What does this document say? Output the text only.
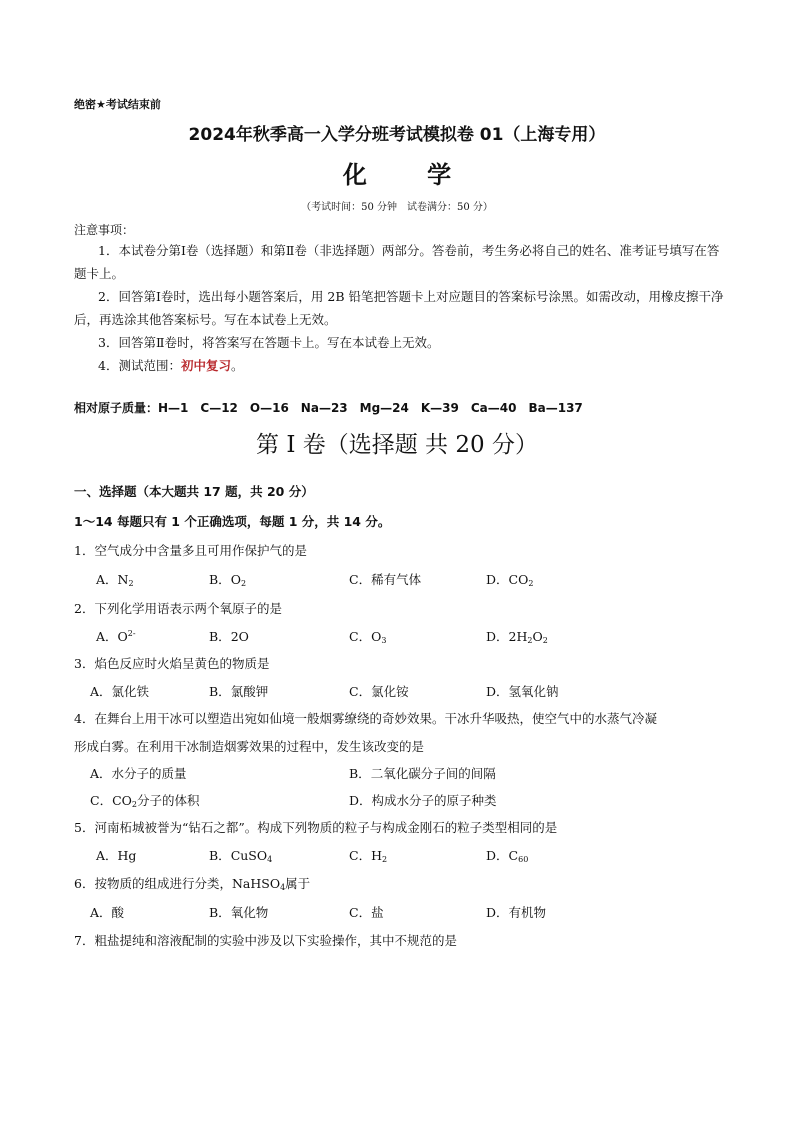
绝密★考试结束前
2024年秋季高一入学分班考试模拟卷 01（上海专用）
化 学
（考试时间：50 分钟　试卷满分：50 分）
注意事项：
1．本试卷分第Ⅰ卷（选择题）和第Ⅱ卷（非选择题）两部分。答卷前，考生务必将自己的姓名、准考证号填写在答题卡上。
2．回答第Ⅰ卷时，选出每小题答案后，用 2B 铅笔把答题卡上对应题目的答案标号涂黑。如需改动，用橡皮擦干净后，再选涂其他答案标号。写在本试卷上无效。
3．回答第Ⅱ卷时，将答案写在答题卡上。写在本试卷上无效。
4．测试范围：初中复习。
相对原子质量：H—1　C—12　O—16　Na—23　Mg—24　K—39　Ca—40　Ba—137
第 I 卷（选择题 共 20 分）
一、选择题（本大题共 17 题，共 20 分）
1～14 每题只有 1 个正确选项，每题 1 分，共 14 分。
1．空气成分中含量多且可用作保护气的是
A．$N_2$	B．$O_2$	C．稀有气体	D．$CO_2$
2．下列化学用语表示两个氧原子的是
A．$O^{2-}$	B．2O	C．$O_3$	D．$2H_2O_2$
3．焰色反应时火焰呈黄色的物质是
A．氯化铁	B．氯酸钾	C．氯化铵	D．氢氧化钠
4．在舞台上用干冰可以塑造出宛如仙境一般烟雾缭绕的奇妙效果。干冰升华吸热，使空气中的水蒸气冷凝
形成白雾。在利用干冰制造烟雾效果的过程中，发生该改变的是
A．水分子的质量	B．二氧化碳分子间的间隔
C．$CO_2$分子的体积	D．构成水分子的原子种类
5．河南柘城被誉为“钻石之都”。构成下列物质的粒子与构成金刚石的粒子类型相同的是
A．Hg	B．CuSO$_4$	C．$H_2$	D．$C_{60}$
6．按物质的组成进行分类，NaHSO$_4$属于
A．酸	B．氧化物	C．盐	D．有机物
7．粗盐提纯和溶液配制的实验中涉及以下实验操作，其中不规范的是
